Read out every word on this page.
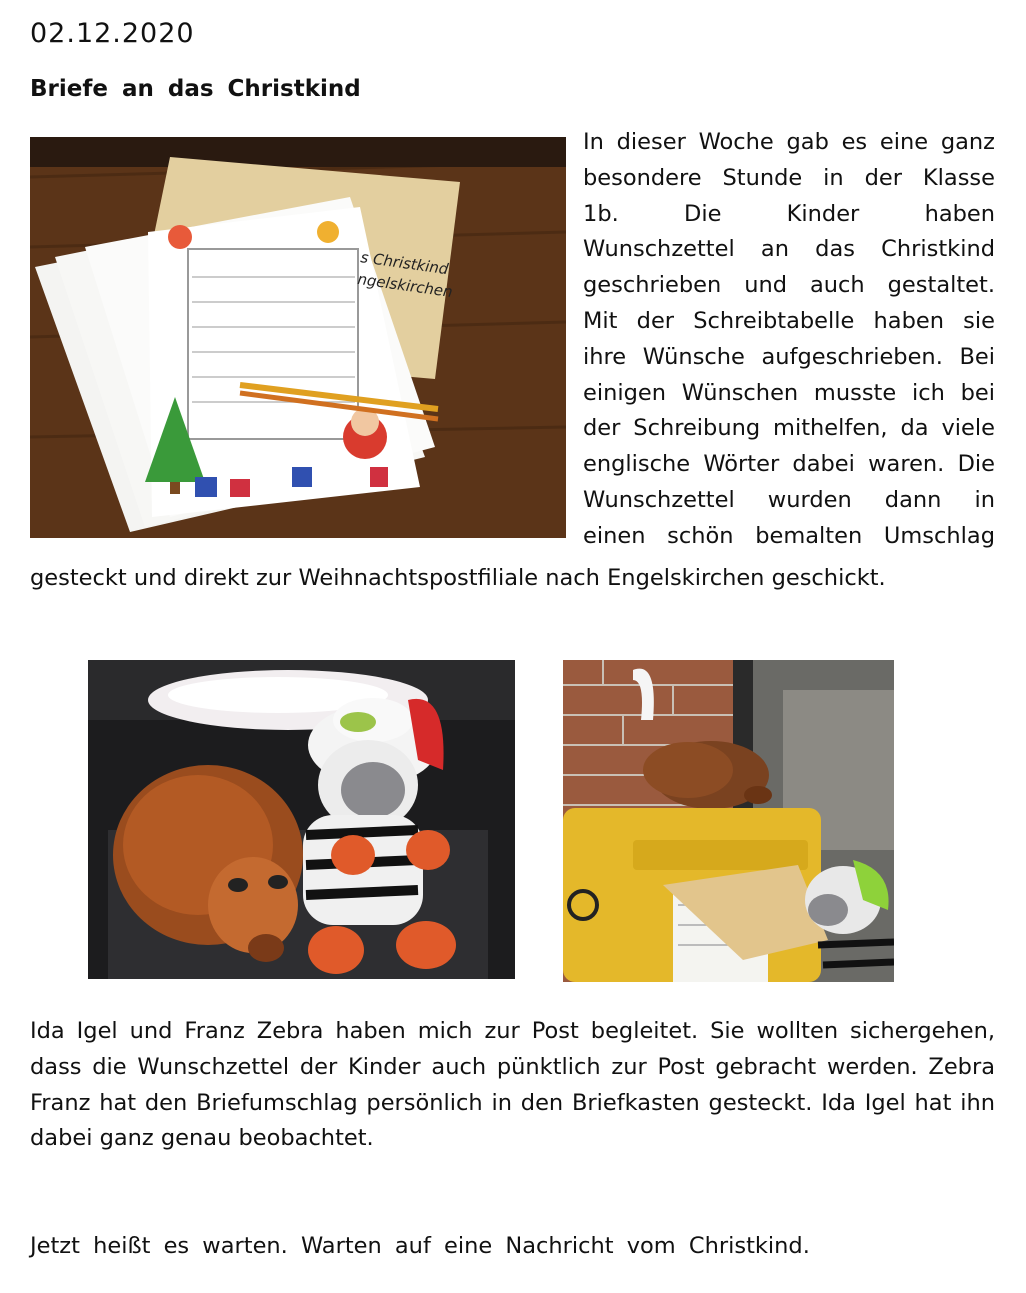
02.12.2020
Briefe an das Christkind
s Christkind ngelskirchen
In dieser Woche gab es eine ganz
besondere Stunde in der Klasse
1b. Die Kinder haben
Wunschzettel an das Christkind
geschrieben und auch gestaltet.
Mit der Schreibtabelle haben sie
ihre Wünsche aufgeschrieben. Bei
einigen Wünschen musste ich bei
der Schreibung mithelfen, da viele
englische Wörter dabei waren. Die
Wunschzettel wurden dann in
einen schön bemalten Umschlag
gesteckt und direkt zur Weihnachtspostfiliale nach Engelskirchen geschickt.
Ida Igel und Franz Zebra haben mich zur Post begleitet. Sie wollten sichergehen, dass die Wunschzettel der Kinder auch pünktlich zur Post gebracht werden. Zebra Franz hat den Briefumschlag persönlich in den Briefkasten gesteckt. Ida Igel hat ihn dabei ganz genau beobachtet.
Jetzt heißt es warten. Warten auf eine Nachricht vom Christkind.
